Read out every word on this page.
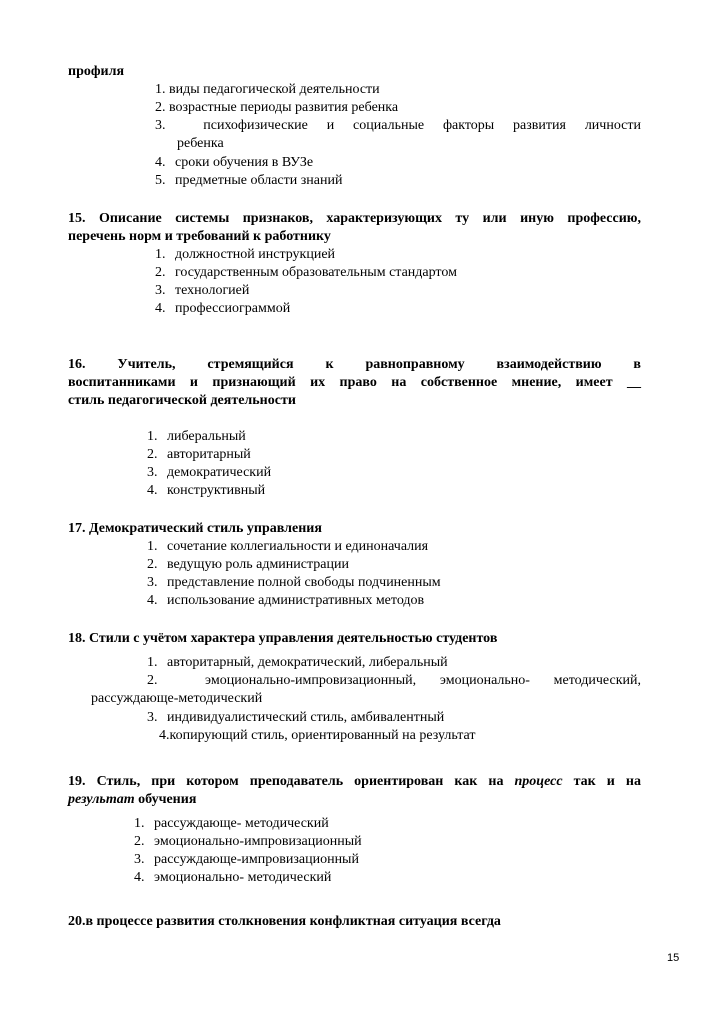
профиля
1. виды педагогической деятельности
2. возрастные периоды развития ребенка
3.	психофизические и социальные факторы развития личности
ребенка
4. сроки обучения в ВУЗе
5. предметные области знаний
15. Описание системы признаков, характеризующих ту или иную профессию,
перечень норм и требований к работнику
1. должностной инструкцией
2. государственным образовательным стандартом
3. технологией
4. профессиограммой
16. Учитель, стремящийся к равноправному взаимодействию в
воспитанниками и признающий их право на собственное мнение, имеет __
стиль педагогической деятельности
1. либеральный
2. авторитарный
3. демократический
4. конструктивный
17. Демократический стиль управления
1. сочетание коллегиальности и единоначалия
2. ведущую роль администрации
3. представление полной свободы подчиненным
4. использование административных методов
18. Стили с учётом характера управления деятельностью студентов
1. авторитарный, демократический, либеральный
2.	эмоционально-импровизационный, эмоционально- методический,
рассуждающе-методический
3. индивидуалистический стиль, амбивалентный
4.копирующий стиль, ориентированный на результат
19. Стиль, при котором преподаватель ориентирован как на процесс так и на
результат обучения
1. рассуждающе- методический
2. эмоционально-импровизационный
3. рассуждающе-импровизационный
4. эмоционально- методический
20.в процессе развития столкновения конфликтная ситуация всегда
15
